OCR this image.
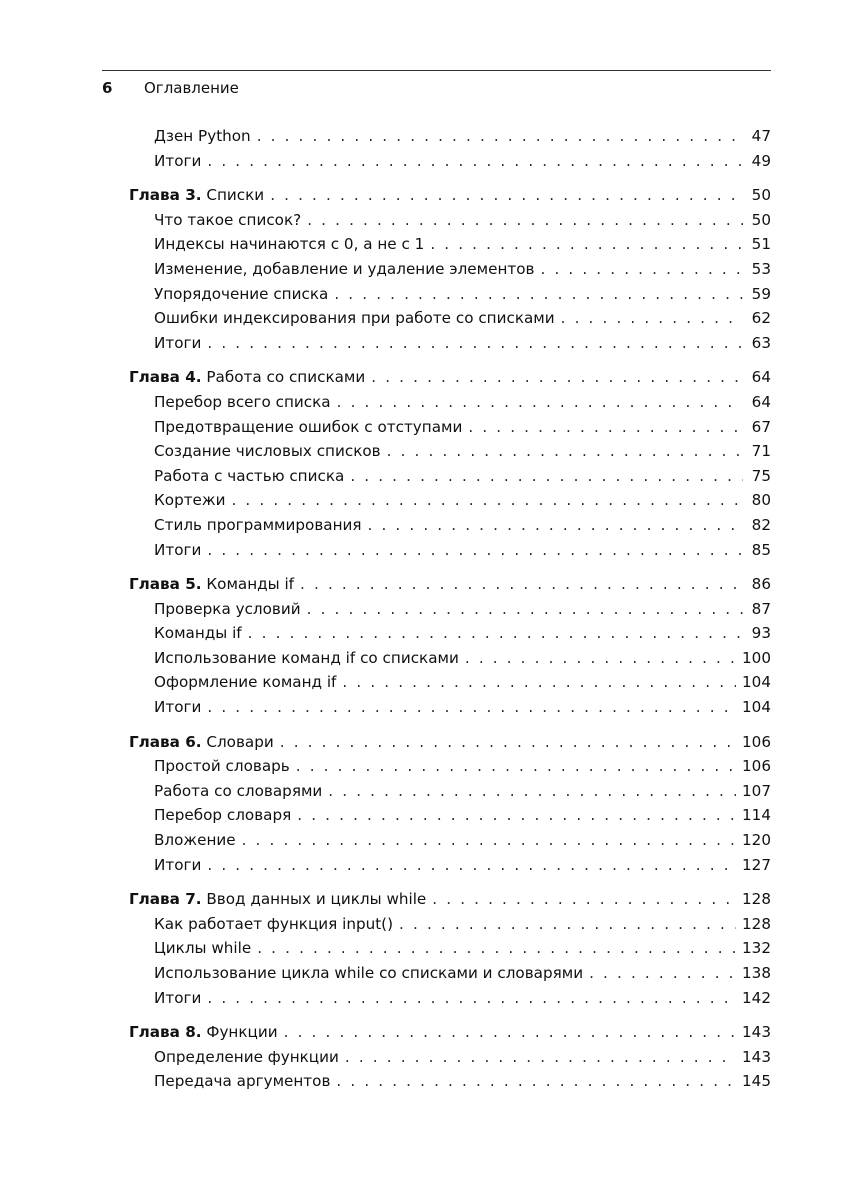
6	Оглавление
Дзен Python . . .	47
Итоги . . .	49
Глава 3. Списки . . .	50
Что такое список? . . .	50
Индексы начинаются с 0, а не с 1 . . .	51
Изменение, добавление и удаление элементов . . .	53
Упорядочение списка . . .	59
Ошибки индексирования при работе со списками . . .	62
Итоги . . .	63
Глава 4. Работа со списками . . .	64
Перебор всего списка . . .	64
Предотвращение ошибок с отступами . . .	67
Создание числовых списков . . .	71
Работа с частью списка . . .	75
Кортежи . . .	80
Стиль программирования . . .	82
Итоги . . .	85
Глава 5. Команды if . . .	86
Проверка условий . . .	87
Команды if . . .	93
Использование команд if со списками . . .	100
Оформление команд if . . .	104
Итоги . . .	104
Глава 6. Словари . . .	106
Простой словарь . . .	106
Работа со словарями . . .	107
Перебор словаря . . .	114
Вложение . . .	120
Итоги . . .	127
Глава 7. Ввод данных и циклы while . . .	128
Как работает функция input() . . .	128
Циклы while . . .	132
Использование цикла while со списками и словарями . . .	138
Итоги . . .	142
Глава 8. Функции . . .	143
Определение функции . . .	143
Передача аргументов . . .	145
